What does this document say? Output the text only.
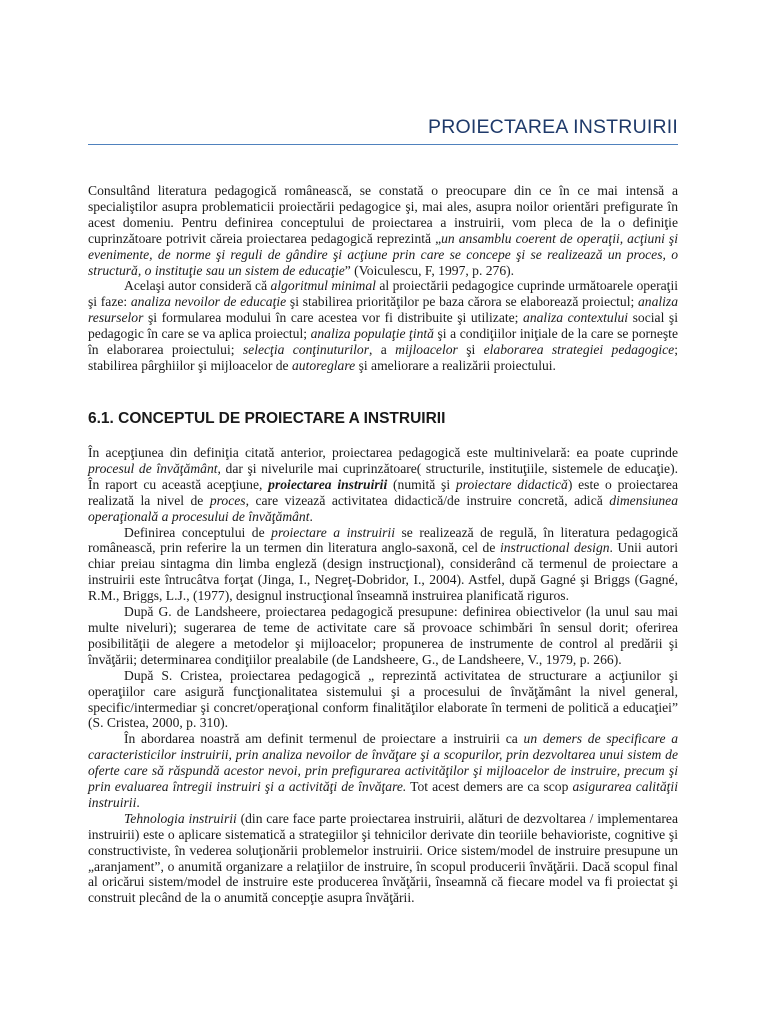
PROIECTAREA INSTRUIRII

Consultând literatura pedagogică românească, se constată o preocupare din ce în ce mai intensă a specialiştilor asupra problematicii proiectării pedagogice şi, mai ales, asupra noilor orientări prefigurate în acest domeniu. Pentru definirea conceptului de proiectarea a instruirii, vom pleca de la o definiţie cuprinzătoare potrivit căreia proiectarea pedagogică reprezintă „un ansamblu coerent de operaţii, acţiuni şi evenimente, de norme şi reguli de gândire şi acţiune prin care se concepe şi se realizează un proces, o structură, o instituţie sau un sistem de educaţie” (Voiculescu, F, 1997, p. 276).

Acelaşi autor consideră că algoritmul minimal al proiectării pedagogice cuprinde următoarele operaţii şi faze: analiza nevoilor de educaţie şi stabilirea priorităţilor pe baza cărora se elaborează proiectul; analiza resurselor şi formularea modului în care acestea vor fi distribuite şi utilizate; analiza contextului social şi pedagogic în care se va aplica proiectul; analiza populaţie ţintă şi a condiţiilor iniţiale de la care se porneşte în elaborarea proiectului; selecţia conţinuturilor, a mijloacelor şi elaborarea strategiei pedagogice; stabilirea pârghiilor şi mijloacelor de autoreglare şi ameliorare a realizării proiectului.

6.1. CONCEPTUL DE PROIECTARE A INSTRUIRII

În acepţiunea din definiţia citată anterior, proiectarea pedagogică este multinivelară: ea poate cuprinde procesul de învăţământ, dar şi nivelurile mai cuprinzătoare( structurile, instituţiile, sistemele de educaţie). În raport cu această acepţiune, proiectarea instruirii (numită şi proiectare didactică) este o proiectarea realizată la nivel de proces, care vizează activitatea didactică/de instruire concretă, adică dimensiunea operaţională a procesului de învăţământ.

Definirea conceptului de proiectare a instruirii se realizează de regulă, în literatura pedagogică românească, prin referire la un termen din literatura anglo-saxonă, cel de instructional design. Unii autori chiar preiau sintagma din limba engleză (design instrucţional), considerând că termenul de proiectare a instruirii este întrucâtva forţat (Jinga, I., Negreţ-Dobridor, I., 2004). Astfel, după Gagné şi Briggs (Gagné, R.M., Briggs, L.J., (1977), designul instrucţional înseamnă instruirea planificată riguros.

După G. de Landsheere, proiectarea pedagogică presupune: definirea obiectivelor (la unul sau mai multe niveluri); sugerarea de teme de activitate care să provoace schimbări în sensul dorit; oferirea posibilităţii de alegere a metodelor şi mijloacelor; propunerea de instrumente de control al predării şi învăţării; determinarea condiţiilor prealabile (de Landsheere, G., de Landsheere, V., 1979, p. 266).

După S. Cristea, proiectarea pedagogică „ reprezintă activitatea de structurare a acţiunilor şi operaţiilor care asigură funcţionalitatea sistemului şi a procesului de învăţământ la nivel general, specific/intermediar şi concret/operaţional conform finalităţilor elaborate în termeni de politică a educaţiei” (S. Cristea, 2000, p. 310).

În abordarea noastră am definit termenul de proiectare a instruirii ca un demers de specificare a caracteristicilor instruirii, prin analiza nevoilor de învăţare şi a scopurilor, prin dezvoltarea unui sistem de oferte care să răspundă acestor nevoi, prin prefigurarea activităţilor şi mijloacelor de instruire, precum şi prin evaluarea întregii instruiri şi a activităţi de învăţare. Tot acest demers are ca scop asigurarea calităţii instruirii.

Tehnologia instruirii (din care face parte proiectarea instruirii, alături de dezvoltarea / implementarea instruirii) este o aplicare sistematică a strategiilor şi tehnicilor derivate din teoriile behavioriste, cognitive şi constructiviste, în vederea soluţionării problemelor instruirii. Orice sistem/model de instruire presupune un „aranjament”, o anumită organizare a relaţiilor de instruire, în scopul producerii învăţării. Dacă scopul final al oricărui sistem/model de instruire este producerea învăţării, înseamnă că fiecare model va fi proiectat şi construit plecând de la o anumită concepţie asupra învăţării.
